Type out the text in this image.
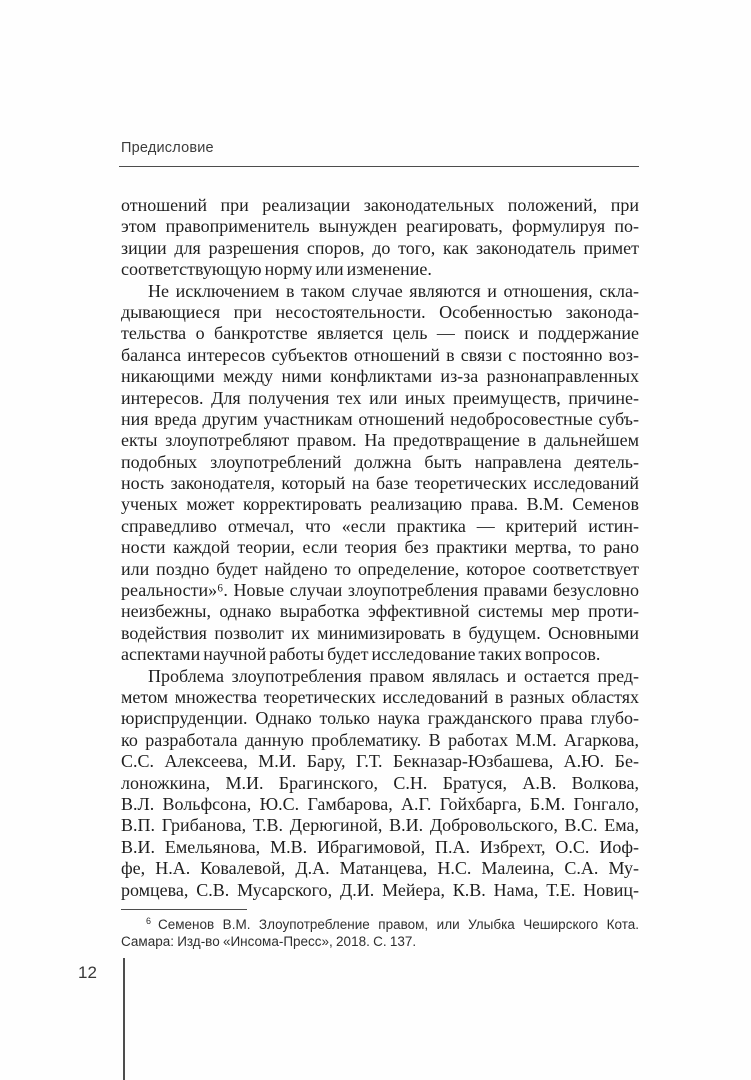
Предисловие
отношений при реализации законодательных положений, при
этом правоприменитель вынужден реагировать, формулируя по-
зиции для разрешения споров, до того, как законодатель примет
соответствующую норму или изменение.
Не исключением в таком случае являются и отношения, скла-
дывающиеся при несостоятельности. Особенностью законода-
тельства о банкротстве является цель — поиск и поддержание
баланса интересов субъектов отношений в связи с постоянно воз-
никающими между ними конфликтами из-за разнонаправленных
интересов. Для получения тех или иных преимуществ, причине-
ния вреда другим участникам отношений недобросовестные субъ-
екты злоупотребляют правом. На предотвращение в дальнейшем
подобных злоупотреблений должна быть направлена деятель-
ность законодателя, который на базе теоретических исследований
ученых может корректировать реализацию права. В.М. Семенов
справедливо отмечал, что «если практика — критерий истин-
ности каждой теории, если теория без практики мертва, то рано
или поздно будет найдено то определение, которое соответствует
реальности»⁶. Новые случаи злоупотребления правами безусловно
неизбежны, однако выработка эффективной системы мер проти-
водействия позволит их минимизировать в будущем. Основными
аспектами научной работы будет исследование таких вопросов.
Проблема злоупотребления правом являлась и остается пред-
метом множества теоретических исследований в разных областях
юриспруденции. Однако только наука гражданского права глубо-
ко разработала данную проблематику. В работах М.М. Агаркова,
С.С. Алексеева, М.И. Бару, Г.Т. Бекназар-Юзбашева, А.Ю. Бе-
лоножкина, М.И. Брагинского, С.Н. Братуся, А.В. Волкова,
В.Л. Вольфсона, Ю.С. Гамбарова, А.Г. Гойхбарга, Б.М. Гонгало,
В.П. Грибанова, Т.В. Дерюгиной, В.И. Добровольского, В.С. Ема,
В.И. Емельянова, М.В. Ибрагимовой, П.А. Избрехт, О.С. Иоф-
фе, Н.А. Ковалевой, Д.А. Матанцева, Н.С. Малеина, С.А. Му-
ромцева, С.В. Мусарского, Д.И. Мейера, К.В. Нама, Т.Е. Новиц-
$^6$ Семенов В.М. Злоупотребление правом, или Улыбка Чеширского Кота.
Самара: Изд-во «Инсома-Пресс», 2018. С. 137.
12
